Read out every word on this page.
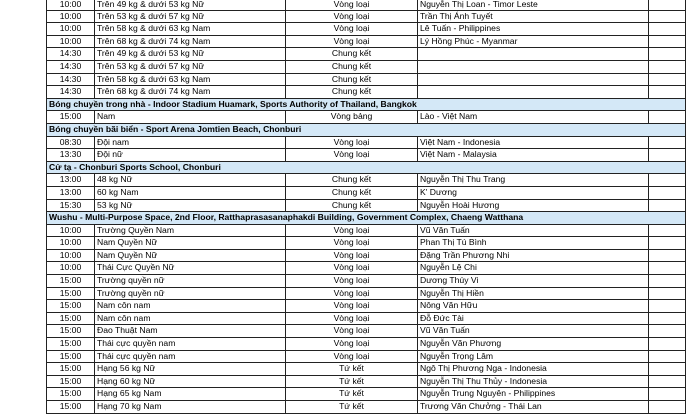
10:00	Trên 49 kg & dưới 53 kg Nữ	Vòng loại	Nguyễn Thị Loan - Timor Leste
10:00	Trên 53 kg & dưới 57 kg Nữ	Vòng loại	Trần Thị Ánh Tuyết
10:00	Trên 58 kg & dưới 63 kg Nam	Vòng loại	Lê Tuấn - Philippines
10:00	Trên 68 kg & dưới 74 kg Nam	Vòng loại	Lý Hồng Phúc - Myanmar
14:30	Trên 49 kg & dưới 53 kg Nữ	Chung kết
14:30	Trên 53 kg & dưới 57 kg Nữ	Chung kết
14:30	Trên 58 kg & dưới 63 kg Nam	Chung kết
14:30	Trên 68 kg & dưới 74 kg Nam	Chung kết
Bóng chuyền trong nhà - Indoor Stadium Huamark, Sports Authority of Thailand, Bangkok
15:00	Nam	Vòng bảng	Lào - Việt Nam
Bóng chuyền bãi biển - Sport Arena Jomtien Beach, Chonburi
08:30	Đội nam	Vòng loại	Việt Nam - Indonesia
13:30	Đội nữ	Vòng loại	Việt Nam - Malaysia
Cử tạ - Chonburi Sports School, Chonburi
13:00	48 kg Nữ	Chung kết	Nguyễn Thị Thu Trang
13:00	60 kg Nam	Chung kết	K' Dương
15:30	53 kg Nữ	Chung kết	Nguyễn Hoài Hương
Wushu - Multi-Purpose Space, 2nd Floor, Ratthaprasasanaphakdi Building, Government Complex, Chaeng Watthana
10:00	Trường Quyền Nam	Vòng loại	Vũ Văn Tuấn
10:00	Nam Quyền Nữ	Vòng loại	Phan Thị Tú Bình
10:00	Nam Quyền Nữ	Vòng loại	Đặng Trần Phương Nhi
10:00	Thái Cực Quyền Nữ	Vòng loại	Nguyễn Lệ Chi
15:00	Trường quyền nữ	Vòng loại	Dương Thúy Vi
15:00	Trường quyền nữ	Vòng loại	Nguyễn Thị Hiền
15:00	Nam côn nam	Vòng loại	Nông Văn Hữu
15:00	Nam côn nam	Vòng loại	Đỗ Đức Tài
15:00	Đao Thuật Nam	Vòng loại	Vũ Văn Tuấn
15:00	Thái cực quyền nam	Vòng loại	Nguyễn Văn Phương
15:00	Thái cực quyền nam	Vòng loại	Nguyễn Trọng Lâm
15:00	Hạng 56 kg Nữ	Tứ kết	Ngô Thị Phương Nga - Indonesia
15:00	Hạng 60 kg Nữ	Tứ kết	Nguyễn Thị Thu Thủy - Indonesia
15:00	Hạng 65 kg Nam	Tứ kết	Nguyễn Trung Nguyên - Philippines
15:00	Hạng 70 kg Nam	Tứ kết	Trương Văn Chưởng - Thái Lan
